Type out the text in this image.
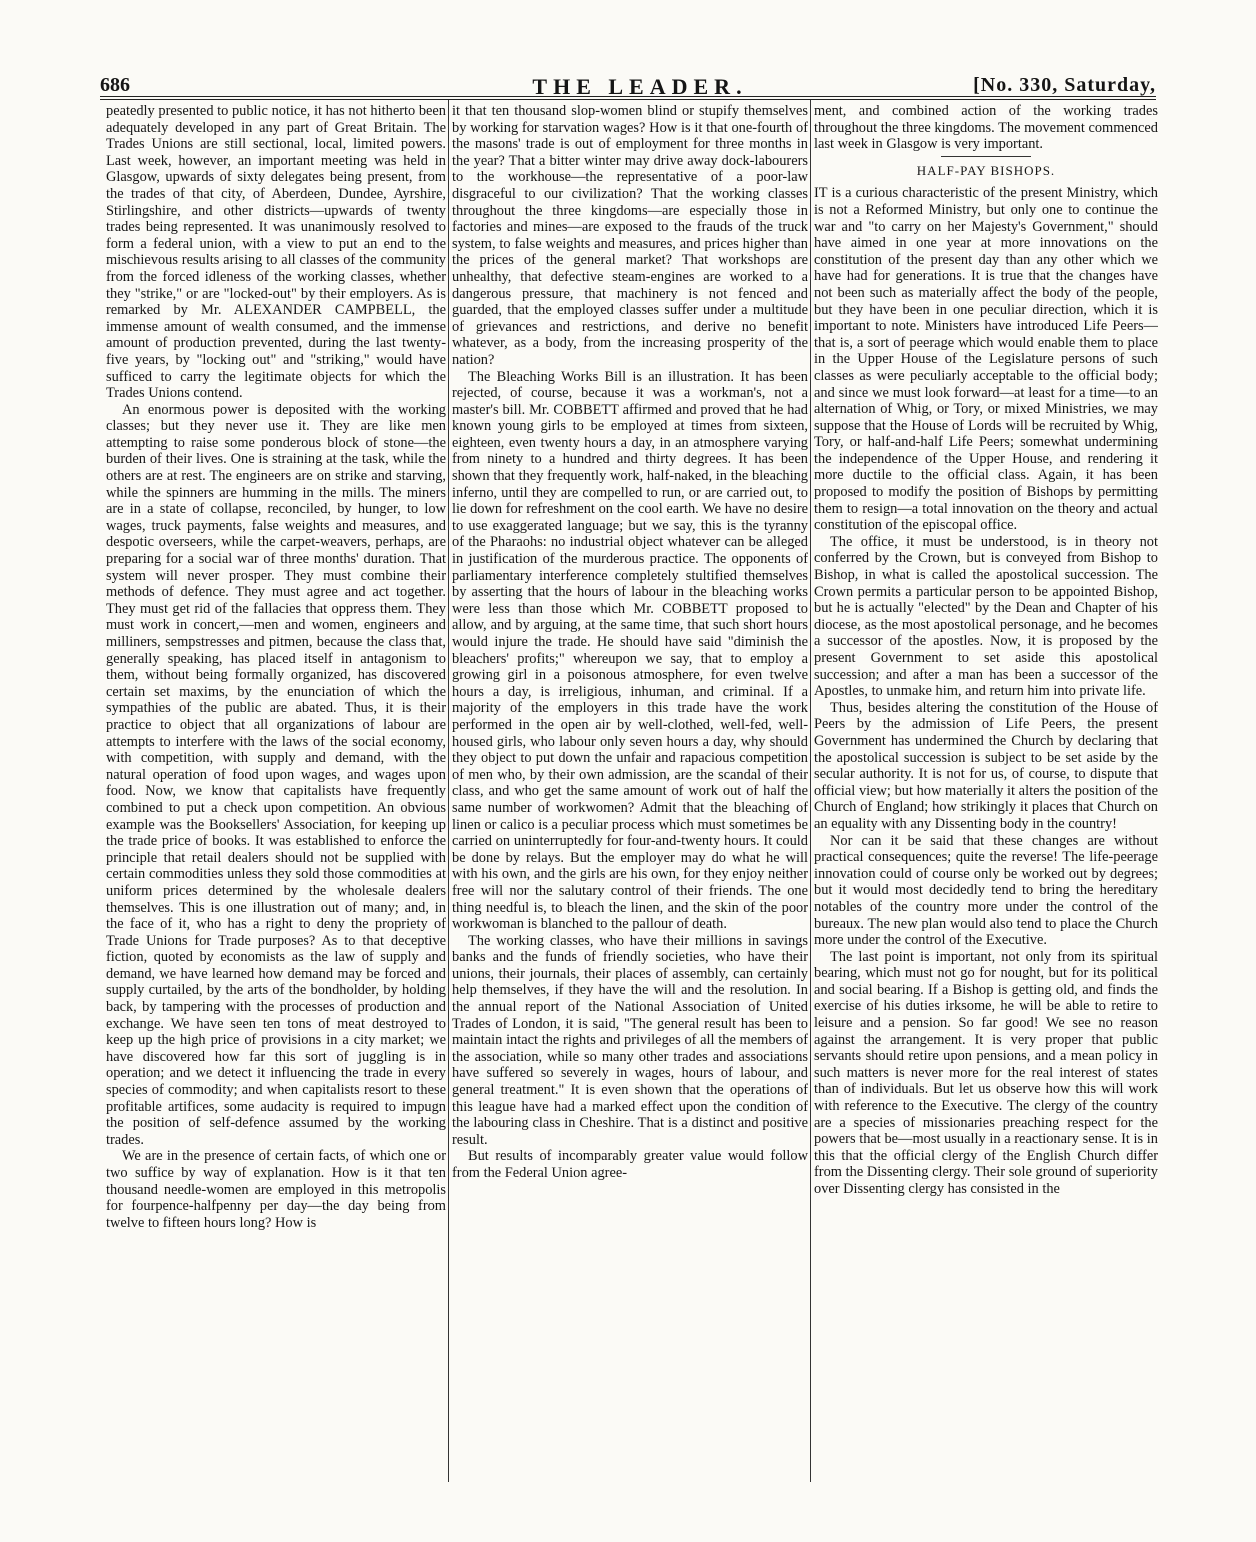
686	THE LEADER.	[No. 330, Saturday,

peatedly presented to public notice, it has not hitherto been adequately developed in any part of Great Britain. The Trades Unions are still sectional, local, limited powers. Last week, however, an important meeting was held in Glasgow, upwards of sixty delegates being present, from the trades of that city, of Aberdeen, Dundee, Ayrshire, Stirlingshire, and other districts—upwards of twenty trades being represented. It was unanimously resolved to form a federal union, with a view to put an end to the mischievous results arising to all classes of the community from the forced idleness of the working classes, whether they "strike," or are "locked-out" by their employers. As is remarked by Mr. ALEXANDER CAMPBELL, the immense amount of wealth consumed, and the immense amount of production prevented, during the last twenty-five years, by "locking out" and "striking," would have sufficed to carry the legitimate objects for which the Trades Unions contend.

An enormous power is deposited with the working classes; but they never use it. They are like men attempting to raise some ponderous block of stone—the burden of their lives. One is straining at the task, while the others are at rest. The engineers are on strike and starving, while the spinners are humming in the mills. The miners are in a state of collapse, reconciled, by hunger, to low wages, truck payments, false weights and measures, and despotic overseers, while the carpet-weavers, perhaps, are preparing for a social war of three months' duration. That system will never prosper. They must combine their methods of defence. They must agree and act together. They must get rid of the fallacies that oppress them. They must work in concert,—men and women, engineers and milliners, sempstresses and pitmen, because the class that, generally speaking, has placed itself in antagonism to them, without being formally organized, has discovered certain set maxims, by the enunciation of which the sympathies of the public are abated. Thus, it is their practice to object that all organizations of labour are attempts to interfere with the laws of the social economy, with competition, with supply and demand, with the natural operation of food upon wages, and wages upon food. Now, we know that capitalists have frequently combined to put a check upon competition. An obvious example was the Booksellers' Association, for keeping up the trade price of books. It was established to enforce the principle that retail dealers should not be supplied with certain commodities unless they sold those commodities at uniform prices determined by the wholesale dealers themselves. This is one illustration out of many; and, in the face of it, who has a right to deny the propriety of Trade Unions for Trade purposes? As to that deceptive fiction, quoted by economists as the law of supply and demand, we have learned how demand may be forced and supply curtailed, by the arts of the bondholder, by holding back, by tampering with the processes of production and exchange. We have seen ten tons of meat destroyed to keep up the high price of provisions in a city market; we have discovered how far this sort of juggling is in operation; and we detect it influencing the trade in every species of commodity; and when capitalists resort to these profitable artifices, some audacity is required to impugn the position of self-defence assumed by the working trades.

We are in the presence of certain facts, of which one or two suffice by way of explanation. How is it that ten thousand needle-women are employed in this metropolis for fourpence-halfpenny per day—the day being from twelve to fifteen hours long? How is

it that ten thousand slop-women blind or stupify themselves by working for starvation wages? How is it that one-fourth of the masons' trade is out of employment for three months in the year? That a bitter winter may drive away dock-labourers to the workhouse—the representative of a poor-law disgraceful to our civilization? That the working classes throughout the three kingdoms—are especially those in factories and mines—are exposed to the frauds of the truck system, to false weights and measures, and prices higher than the prices of the general market? That workshops are unhealthy, that defective steam-engines are worked to a dangerous pressure, that machinery is not fenced and guarded, that the employed classes suffer under a multitude of grievances and restrictions, and derive no benefit whatever, as a body, from the increasing prosperity of the nation?

The Bleaching Works Bill is an illustration. It has been rejected, of course, because it was a workman's, not a master's bill. Mr. COBBETT affirmed and proved that he had known young girls to be employed at times from sixteen, eighteen, even twenty hours a day, in an atmosphere varying from ninety to a hundred and thirty degrees. It has been shown that they frequently work, half-naked, in the bleaching inferno, until they are compelled to run, or are carried out, to lie down for refreshment on the cool earth. We have no desire to use exaggerated language; but we say, this is the tyranny of the Pharaohs: no industrial object whatever can be alleged in justification of the murderous practice. The opponents of parliamentary interference completely stultified themselves by asserting that the hours of labour in the bleaching works were less than those which Mr. COBBETT proposed to allow, and by arguing, at the same time, that such short hours would injure the trade. He should have said "diminish the bleachers' profits;" whereupon we say, that to employ a growing girl in a poisonous atmosphere, for even twelve hours a day, is irreligious, inhuman, and criminal. If a majority of the employers in this trade have the work performed in the open air by well-clothed, well-fed, well-housed girls, who labour only seven hours a day, why should they object to put down the unfair and rapacious competition of men who, by their own admission, are the scandal of their class, and who get the same amount of work out of half the same number of workwomen? Admit that the bleaching of linen or calico is a peculiar process which must sometimes be carried on uninterruptedly for four-and-twenty hours. It could be done by relays. But the employer may do what he will with his own, and the girls are his own, for they enjoy neither free will nor the salutary control of their friends. The one thing needful is, to bleach the linen, and the skin of the poor workwoman is blanched to the pallour of death.

The working classes, who have their millions in savings banks and the funds of friendly societies, who have their unions, their journals, their places of assembly, can certainly help themselves, if they have the will and the resolution. In the annual report of the National Association of United Trades of London, it is said, "The general result has been to maintain intact the rights and privileges of all the members of the association, while so many other trades and associations have suffered so severely in wages, hours of labour, and general treatment." It is even shown that the operations of this league have had a marked effect upon the condition of the labouring class in Cheshire. That is a distinct and positive result.

But results of incomparably greater value would follow from the Federal Union agree-

ment, and combined action of the working trades throughout the three kingdoms. The movement commenced last week in Glasgow is very important.

HALF-PAY BISHOPS.

IT is a curious characteristic of the present Ministry, which is not a Reformed Ministry, but only one to continue the war and "to carry on her Majesty's Government," should have aimed in one year at more innovations on the constitution of the present day than any other which we have had for generations. It is true that the changes have not been such as materially affect the body of the people, but they have been in one peculiar direction, which it is important to note. Ministers have introduced Life Peers—that is, a sort of peerage which would enable them to place in the Upper House of the Legislature persons of such classes as were peculiarly acceptable to the official body; and since we must look forward—at least for a time—to an alternation of Whig, or Tory, or mixed Ministries, we may suppose that the House of Lords will be recruited by Whig, Tory, or half-and-half Life Peers; somewhat undermining the independence of the Upper House, and rendering it more ductile to the official class. Again, it has been proposed to modify the position of Bishops by permitting them to resign—a total innovation on the theory and actual constitution of the episcopal office.

The office, it must be understood, is in theory not conferred by the Crown, but is conveyed from Bishop to Bishop, in what is called the apostolical succession. The Crown permits a particular person to be appointed Bishop, but he is actually "elected" by the Dean and Chapter of his diocese, as the most apostolical personage, and he becomes a successor of the apostles. Now, it is proposed by the present Government to set aside this apostolical succession; and after a man has been a successor of the Apostles, to unmake him, and return him into private life.

Thus, besides altering the constitution of the House of Peers by the admission of Life Peers, the present Government has undermined the Church by declaring that the apostolical succession is subject to be set aside by the secular authority. It is not for us, of course, to dispute that official view; but how materially it alters the position of the Church of England; how strikingly it places that Church on an equality with any Dissenting body in the country!

Nor can it be said that these changes are without practical consequences; quite the reverse! The life-peerage innovation could of course only be worked out by degrees; but it would most decidedly tend to bring the hereditary notables of the country more under the control of the bureaux. The new plan would also tend to place the Church more under the control of the Executive.

The last point is important, not only from its spiritual bearing, which must not go for nought, but for its political and social bearing. If a Bishop is getting old, and finds the exercise of his duties irksome, he will be able to retire to leisure and a pension. So far good! We see no reason against the arrangement. It is very proper that public servants should retire upon pensions, and a mean policy in such matters is never more for the real interest of states than of individuals. But let us observe how this will work with reference to the Executive. The clergy of the country are a species of missionaries preaching respect for the powers that be—most usually in a reactionary sense. It is in this that the official clergy of the English Church differ from the Dissenting clergy. Their sole ground of superiority over Dissenting clergy has consisted in the
